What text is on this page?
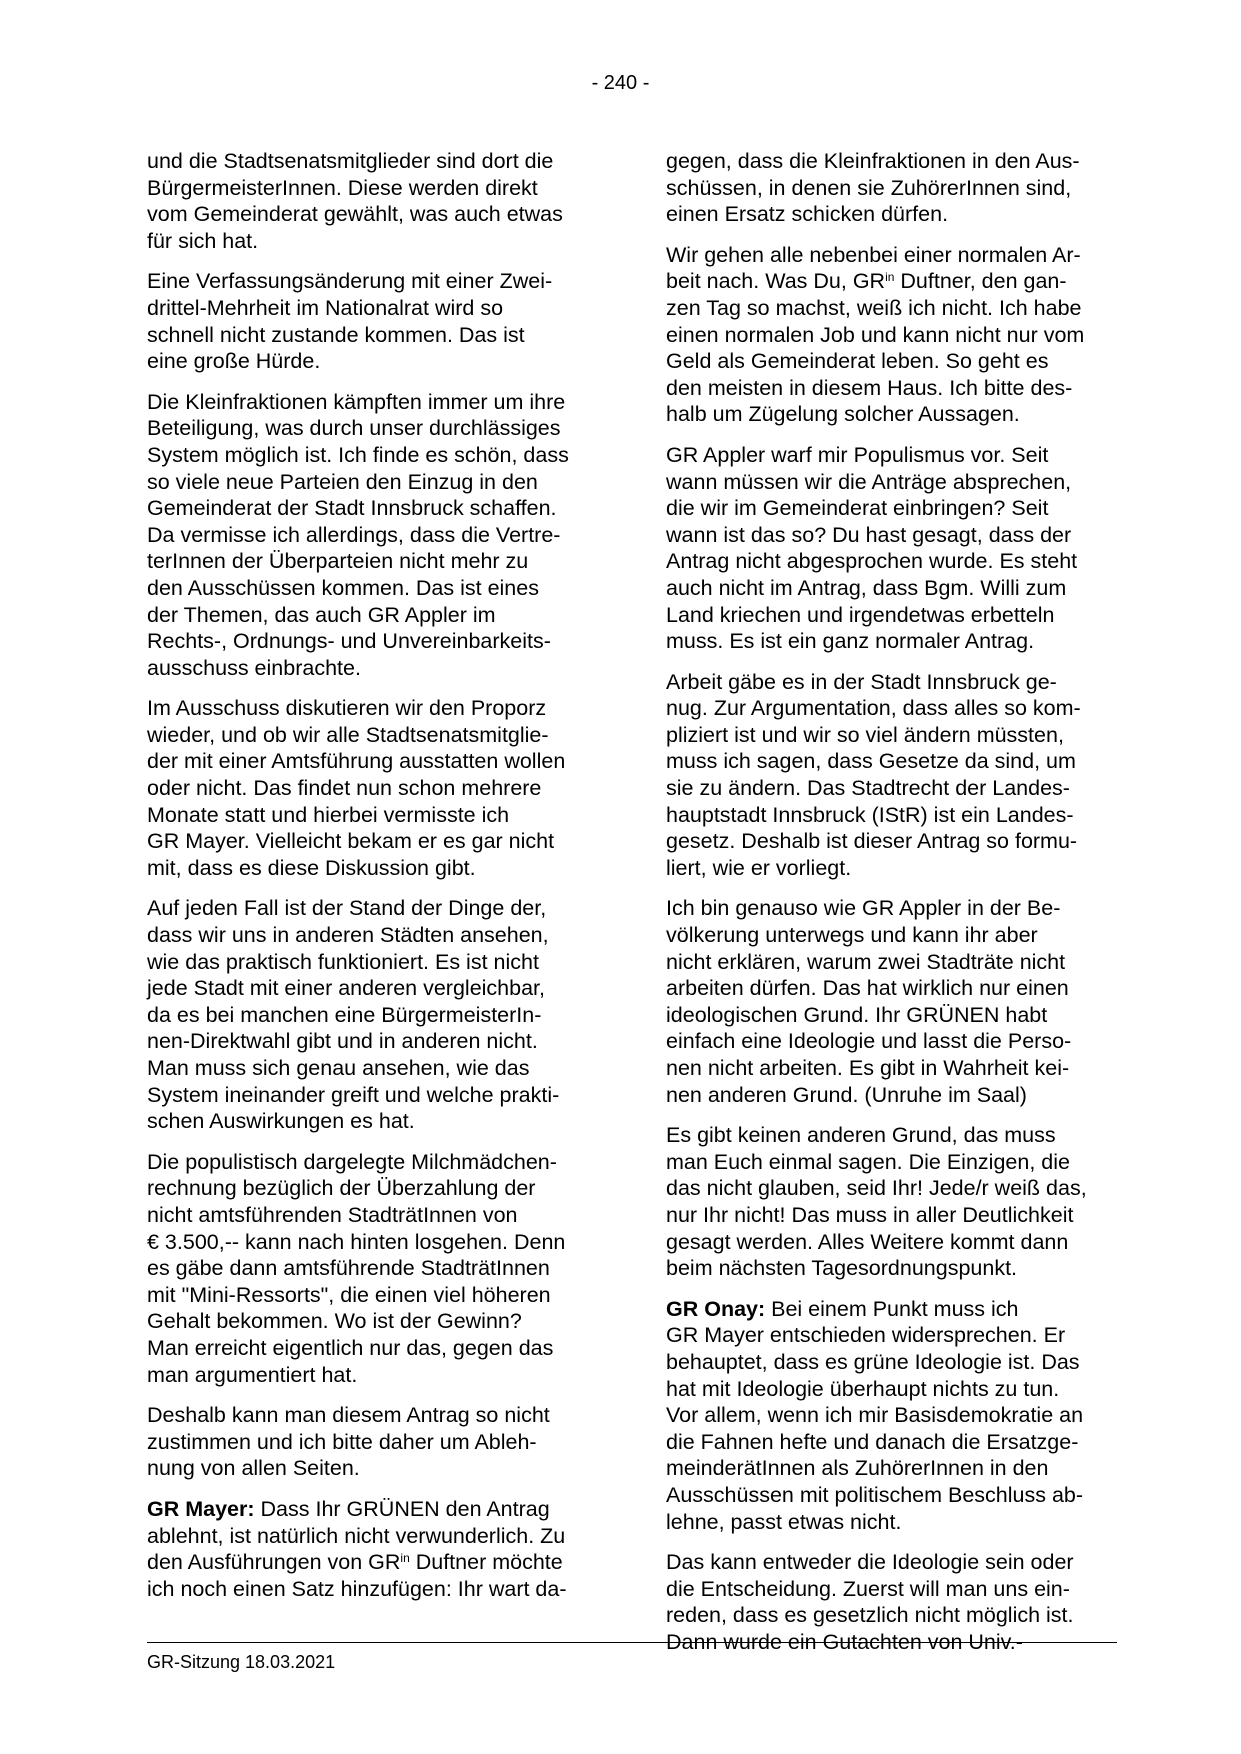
- 240 -

und die Stadtsenatsmitglieder sind dort die
BürgermeisterInnen. Diese werden direkt
vom Gemeinderat gewählt, was auch etwas
für sich hat.

Eine Verfassungsänderung mit einer Zwei-
drittel-Mehrheit im Nationalrat wird so
schnell nicht zustande kommen. Das ist
eine große Hürde.

Die Kleinfraktionen kämpften immer um ihre
Beteiligung, was durch unser durchlässiges
System möglich ist. Ich finde es schön, dass
so viele neue Parteien den Einzug in den
Gemeinderat der Stadt Innsbruck schaffen.
Da vermisse ich allerdings, dass die Vertre-
terInnen der Überparteien nicht mehr zu
den Ausschüssen kommen. Das ist eines
der Themen, das auch GR Appler im
Rechts-, Ordnungs- und Unvereinbarkeits-
ausschuss einbrachte.

Im Ausschuss diskutieren wir den Proporz
wieder, und ob wir alle Stadtsenatsmitglie-
der mit einer Amtsführung ausstatten wollen
oder nicht. Das findet nun schon mehrere
Monate statt und hierbei vermisste ich
GR Mayer. Vielleicht bekam er es gar nicht
mit, dass es diese Diskussion gibt.

Auf jeden Fall ist der Stand der Dinge der,
dass wir uns in anderen Städten ansehen,
wie das praktisch funktioniert. Es ist nicht
jede Stadt mit einer anderen vergleichbar,
da es bei manchen eine BürgermeisterIn-
nen-Direktwahl gibt und in anderen nicht.
Man muss sich genau ansehen, wie das
System ineinander greift und welche prakti-
schen Auswirkungen es hat.

Die populistisch dargelegte Milchmädchen-
rechnung bezüglich der Überzahlung der
nicht amtsführenden StadträtInnen von
€ 3.500,-- kann nach hinten losgehen. Denn
es gäbe dann amtsführende StadträtInnen
mit "Mini-Ressorts", die einen viel höheren
Gehalt bekommen. Wo ist der Gewinn?
Man erreicht eigentlich nur das, gegen das
man argumentiert hat.

Deshalb kann man diesem Antrag so nicht
zustimmen und ich bitte daher um Ableh-
nung von allen Seiten.

GR Mayer: Dass Ihr GRÜNEN den Antrag
ablehnt, ist natürlich nicht verwunderlich. Zu
den Ausführungen von $GR^{in}$ Duftner möchte
ich noch einen Satz hinzufügen: Ihr wart da-

gegen, dass die Kleinfraktionen in den Aus-
schüssen, in denen sie ZuhörerInnen sind,
einen Ersatz schicken dürfen.

Wir gehen alle nebenbei einer normalen Ar-
beit nach. Was Du, $GR^{in}$ Duftner, den gan-
zen Tag so machst, weiß ich nicht. Ich habe
einen normalen Job und kann nicht nur vom
Geld als Gemeinderat leben. So geht es
den meisten in diesem Haus. Ich bitte des-
halb um Zügelung solcher Aussagen.

GR Appler warf mir Populismus vor. Seit
wann müssen wir die Anträge absprechen,
die wir im Gemeinderat einbringen? Seit
wann ist das so? Du hast gesagt, dass der
Antrag nicht abgesprochen wurde. Es steht
auch nicht im Antrag, dass Bgm. Willi zum
Land kriechen und irgendetwas erbetteln
muss. Es ist ein ganz normaler Antrag.

Arbeit gäbe es in der Stadt Innsbruck ge-
nug. Zur Argumentation, dass alles so kom-
pliziert ist und wir so viel ändern müssten,
muss ich sagen, dass Gesetze da sind, um
sie zu ändern. Das Stadtrecht der Landes-
hauptstadt Innsbruck (IStR) ist ein Landes-
gesetz. Deshalb ist dieser Antrag so formu-
liert, wie er vorliegt.

Ich bin genauso wie GR Appler in der Be-
völkerung unterwegs und kann ihr aber
nicht erklären, warum zwei Stadträte nicht
arbeiten dürfen. Das hat wirklich nur einen
ideologischen Grund. Ihr GRÜNEN habt
einfach eine Ideologie und lasst die Perso-
nen nicht arbeiten. Es gibt in Wahrheit kei-
nen anderen Grund. (Unruhe im Saal)

Es gibt keinen anderen Grund, das muss
man Euch einmal sagen. Die Einzigen, die
das nicht glauben, seid Ihr! Jede/r weiß das,
nur Ihr nicht! Das muss in aller Deutlichkeit
gesagt werden. Alles Weitere kommt dann
beim nächsten Tagesordnungspunkt.

GR Onay: Bei einem Punkt muss ich
GR Mayer entschieden widersprechen. Er
behauptet, dass es grüne Ideologie ist. Das
hat mit Ideologie überhaupt nichts zu tun.
Vor allem, wenn ich mir Basisdemokratie an
die Fahnen hefte und danach die Ersatzge-
meinderätInnen als ZuhörerInnen in den
Ausschüssen mit politischem Beschluss ab-
lehne, passt etwas nicht.

Das kann entweder die Ideologie sein oder
die Entscheidung. Zuerst will man uns ein-
reden, dass es gesetzlich nicht möglich ist.
Dann wurde ein Gutachten von Univ.-

GR-Sitzung 18.03.2021
